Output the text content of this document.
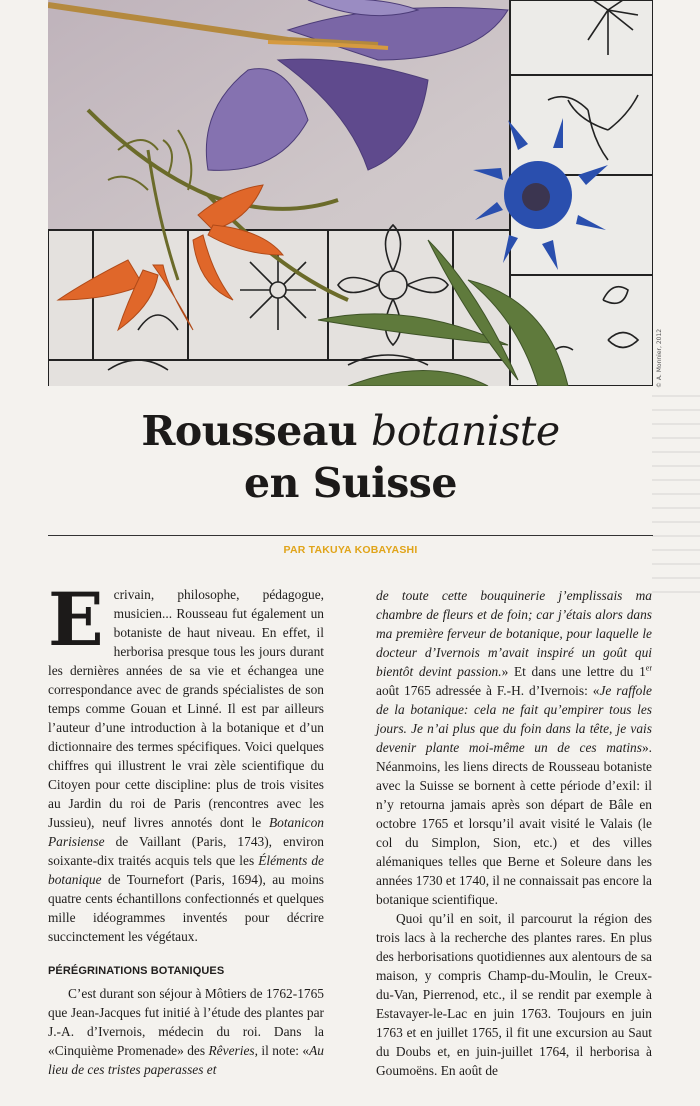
© A. Monnier, 2012
Rousseau botaniste
en Suisse
PAR TAKUYA KOBAYASHI

Ecrivain, philosophe, pédagogue, musicien... Rousseau fut également un botaniste de haut niveau. En effet, il herborisa presque tous les jours durant les dernières années de sa vie et échangea une correspondance avec de grands spécialistes de son temps comme Gouan et Linné. Il est par ailleurs l’auteur d’une introduction à la botanique et d’un dictionnaire des termes spécifiques. Voici quelques chiffres qui illustrent le vrai zèle scientifique du Citoyen pour cette discipline: plus de trois visites au Jardin du roi de Paris (rencontres avec les Jussieu), neuf livres annotés dont le Botanicon Parisiense de Vaillant (Paris, 1743), environ soixante-dix traités acquis tels que les Éléments de botanique de Tournefort (Paris, 1694), au moins quatre cents échantillons confectionnés et quelques mille idéogrammes inventés pour décrire succinctement les végétaux.

PÉRÉGRINATIONS BOTANIQUES

C’est durant son séjour à Môtiers de 1762-1765 que Jean-Jacques fut initié à l’étude des plantes par J.-A. d’Ivernois, médecin du roi. Dans la «Cinquième Promenade» des Rêveries, il note: «Au lieu de ces tristes paperasses et

de toute cette bouquinerie j’emplissais ma chambre de fleurs et de foin; car j’étais alors dans ma première ferveur de botanique, pour laquelle le docteur d’Ivernois m’avait inspiré un goût qui bientôt devint passion.» Et dans une lettre du 1er août 1765 adressée à F.-H. d’Ivernois: «Je raffole de la botanique: cela ne fait qu’empirer tous les jours. Je n’ai plus que du foin dans la tête, je vais devenir plante moi-même un de ces matins». Néanmoins, les liens directs de Rousseau botaniste avec la Suisse se bornent à cette période d’exil: il n’y retourna jamais après son départ de Bâle en octobre 1765 et lorsqu’il avait visité le Valais (le col du Simplon, Sion, etc.) et des villes alémaniques telles que Berne et Soleure dans les années 1730 et 1740, il ne connaissait pas encore la botanique scientifique.

Quoi qu’il en soit, il parcourut la région des trois lacs à la recherche des plantes rares. En plus des herborisations quotidiennes aux alentours de sa maison, y compris Champ-du-Moulin, le Creux-du-Van, Pierrenod, etc., il se rendit par exemple à Estavayer-le-Lac en juin 1763. Toujours en juin 1763 et en juillet 1765, il fit une excursion au Saut du Doubs et, en juin-juillet 1764, il herborisa à Goumoëns. En août de
